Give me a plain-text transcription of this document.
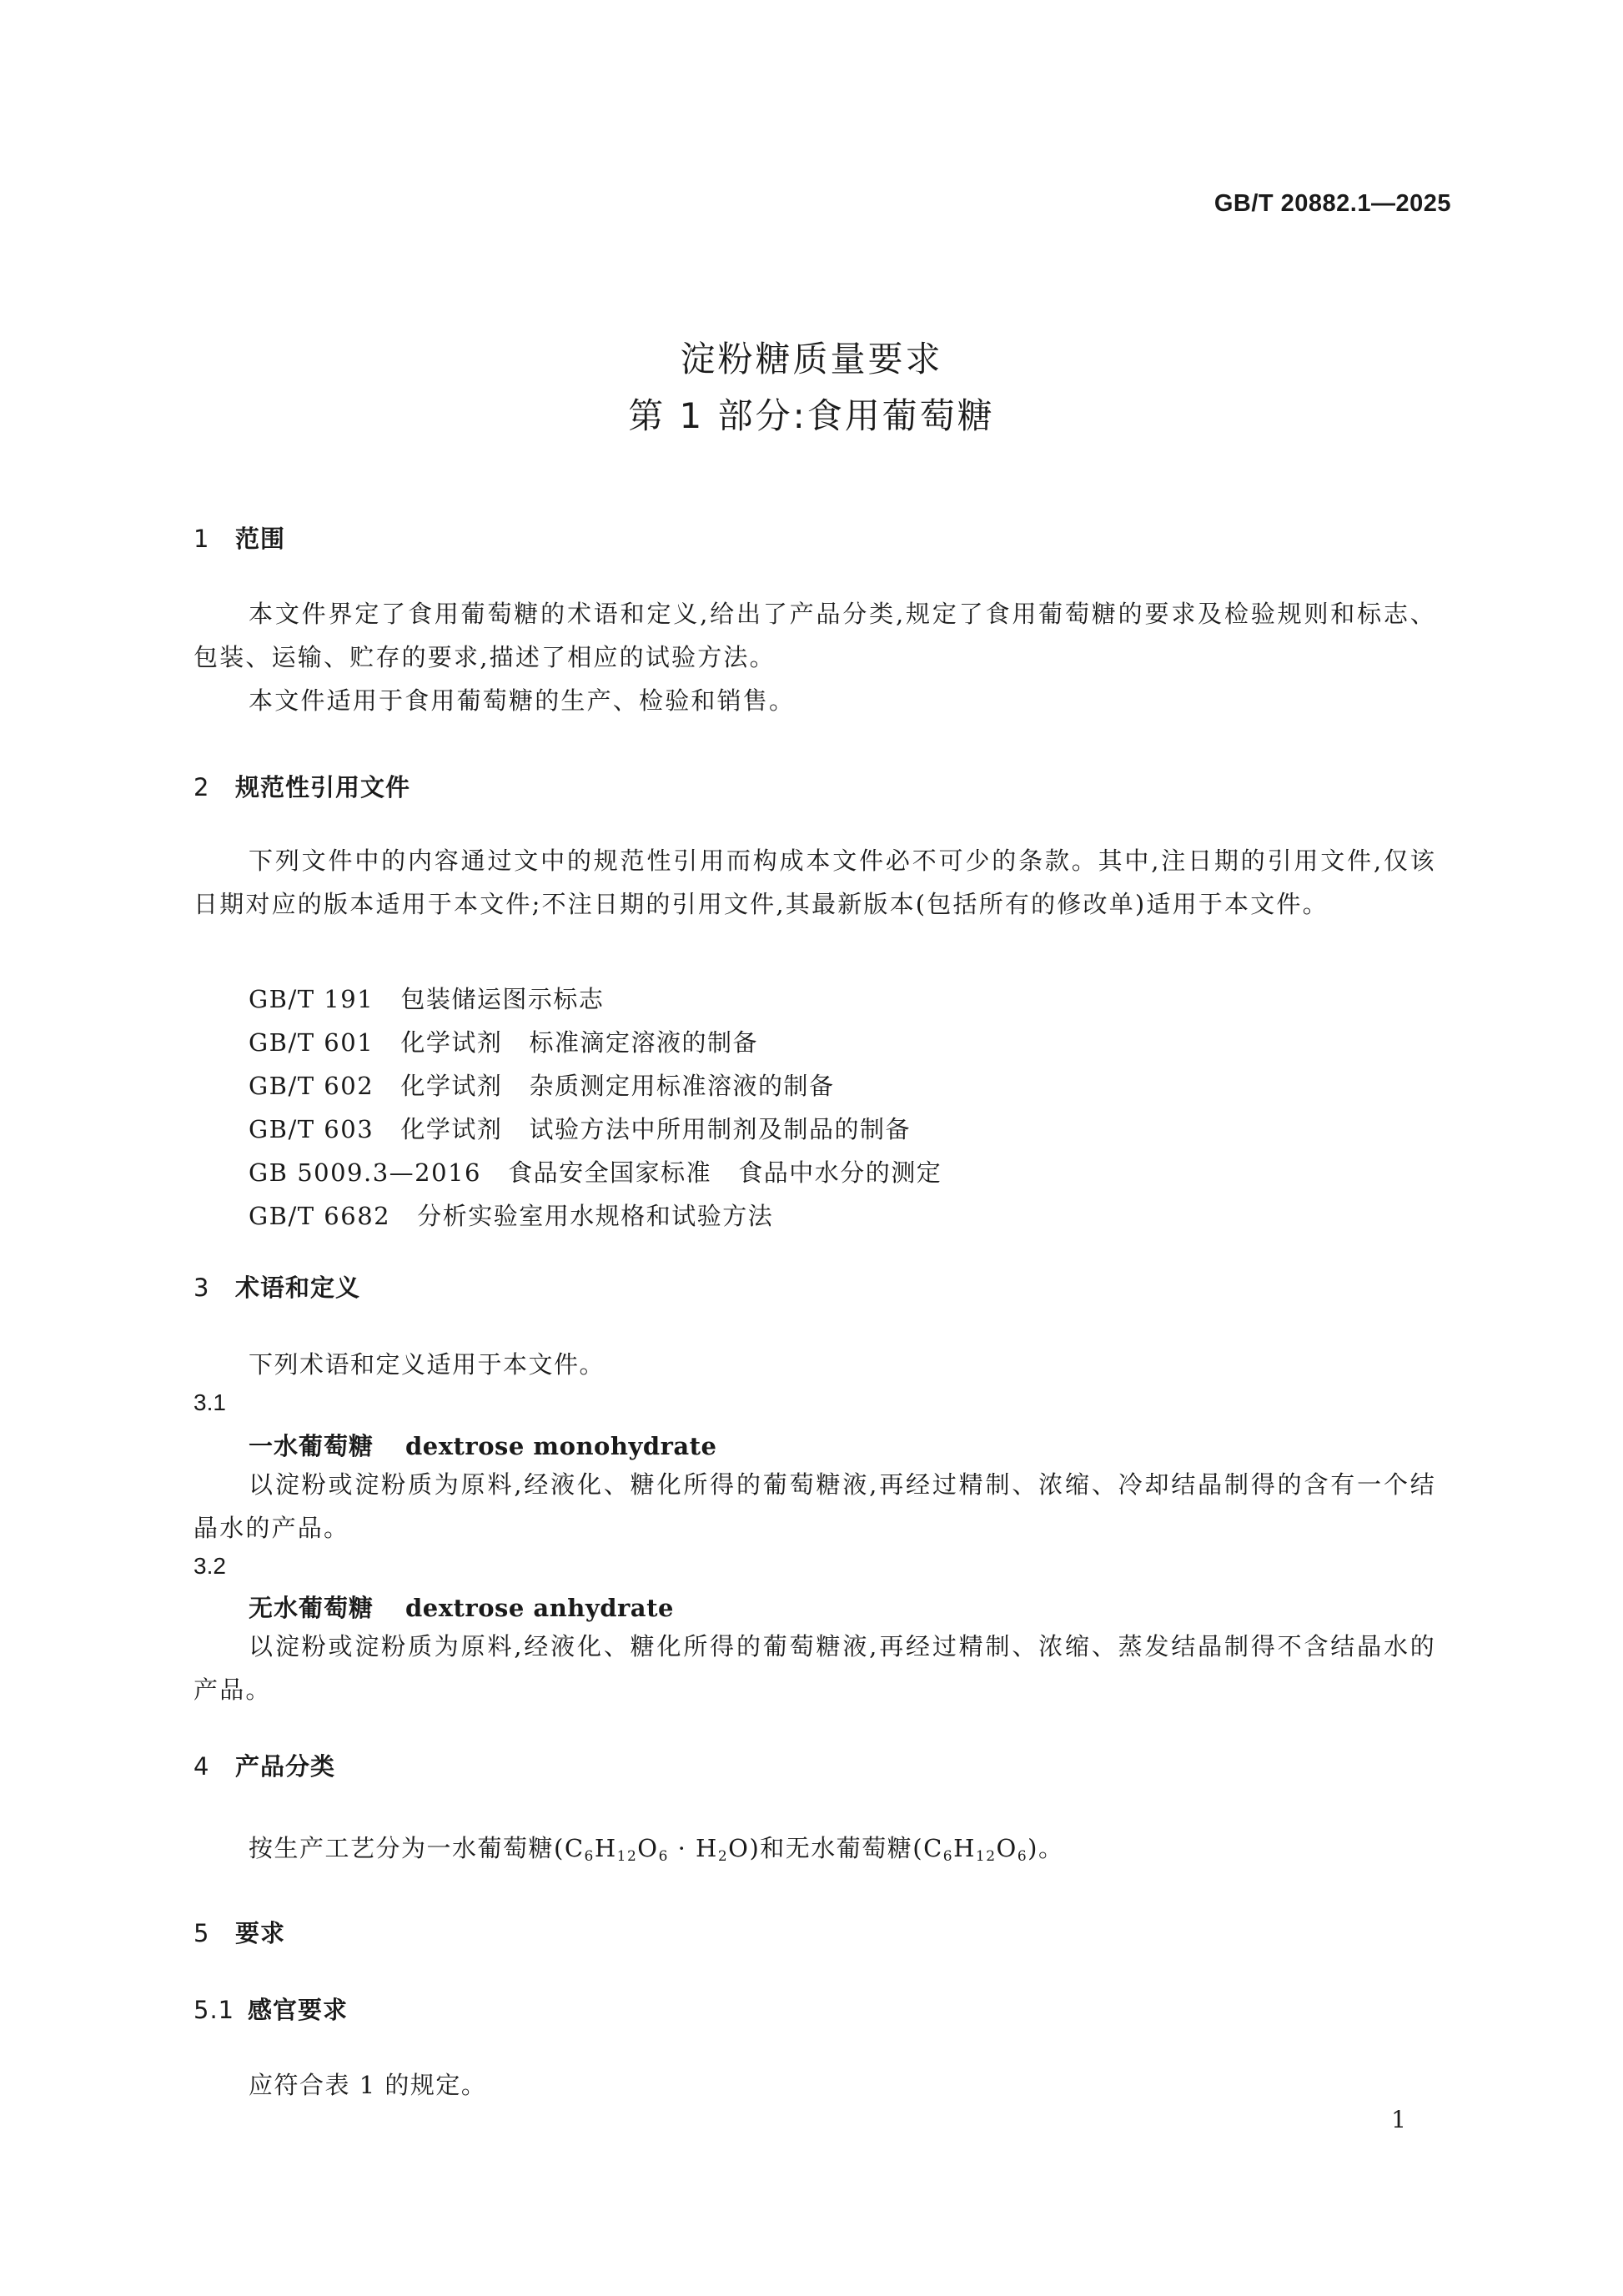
GB/T 20882.1—2025
淀粉糖质量要求
第 1 部分:食用葡萄糖
1 范围
本文件界定了食用葡萄糖的术语和定义,给出了产品分类,规定了食用葡萄糖的要求及检验规则和标志、包装、运输、贮存的要求,描述了相应的试验方法。
本文件适用于食用葡萄糖的生产、检验和销售。
2 规范性引用文件
下列文件中的内容通过文中的规范性引用而构成本文件必不可少的条款。其中,注日期的引用文件,仅该日期对应的版本适用于本文件;不注日期的引用文件,其最新版本(包括所有的修改单)适用于本文件。
GB/T 191   包装储运图示标志
GB/T 601   化学试剂   标准滴定溶液的制备
GB/T 602   化学试剂   杂质测定用标准溶液的制备
GB/T 603   化学试剂   试验方法中所用制剂及制品的制备
GB 5009.3—2016   食品安全国家标准   食品中水分的测定
GB/T 6682   分析实验室用水规格和试验方法
3 术语和定义
下列术语和定义适用于本文件。
3.1
一水葡萄糖 dextrose monohydrate
以淀粉或淀粉质为原料,经液化、糖化所得的葡萄糖液,再经过精制、浓缩、冷却结晶制得的含有一个结晶水的产品。
3.2
无水葡萄糖 dextrose anhydrate
以淀粉或淀粉质为原料,经液化、糖化所得的葡萄糖液,再经过精制、浓缩、蒸发结晶制得不含结晶水的产品。
4 产品分类
按生产工艺分为一水葡萄糖$(C_6H_{12}O_6 \cdot H_2O)$和无水葡萄糖$(C_6H_{12}O_6)$。
5 要求
5.1 感官要求
应符合表 1 的规定。
1
